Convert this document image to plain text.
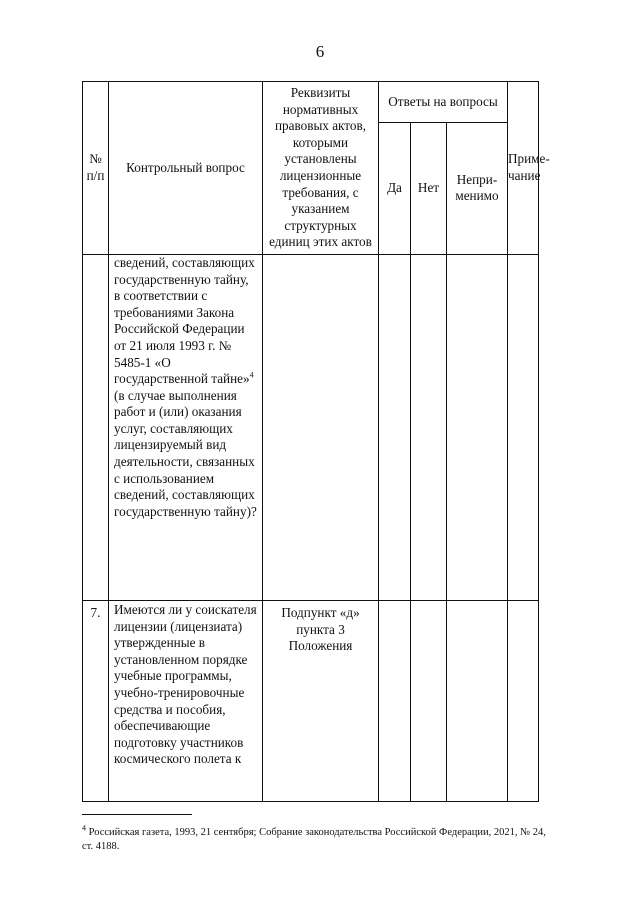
6
№ п/п	Контрольный вопрос	Реквизиты нормативных правовых актов, которыми установлены лицензионные требования, с указанием структурных единиц этих актов	Ответы на вопросы			Приме-чание
			Да	Нет	Непри-менимо	
	сведений, составляющих государственную тайну, в соответствии с требованиями Закона Российской Федерации от 21 июля 1993 г. № 5485-1 «О государственной тайне»$^4$ (в случае выполнения работ и (или) оказания услуг, составляющих лицензируемый вид деятельности, связанных с использованием сведений, составляющих государственную тайну)?					
7.	Имеются ли у соискателя лицензии (лицензиата) утвержденные в установленном порядке учебные программы, учебно-тренировочные средства и пособия, обеспечивающие подготовку участников космического полета к	Подпункт «д» пункта 3 Положения				
$^4$ Российская газета, 1993, 21 сентября; Собрание законодательства Российской Федерации, 2021, № 24, ст. 4188.
